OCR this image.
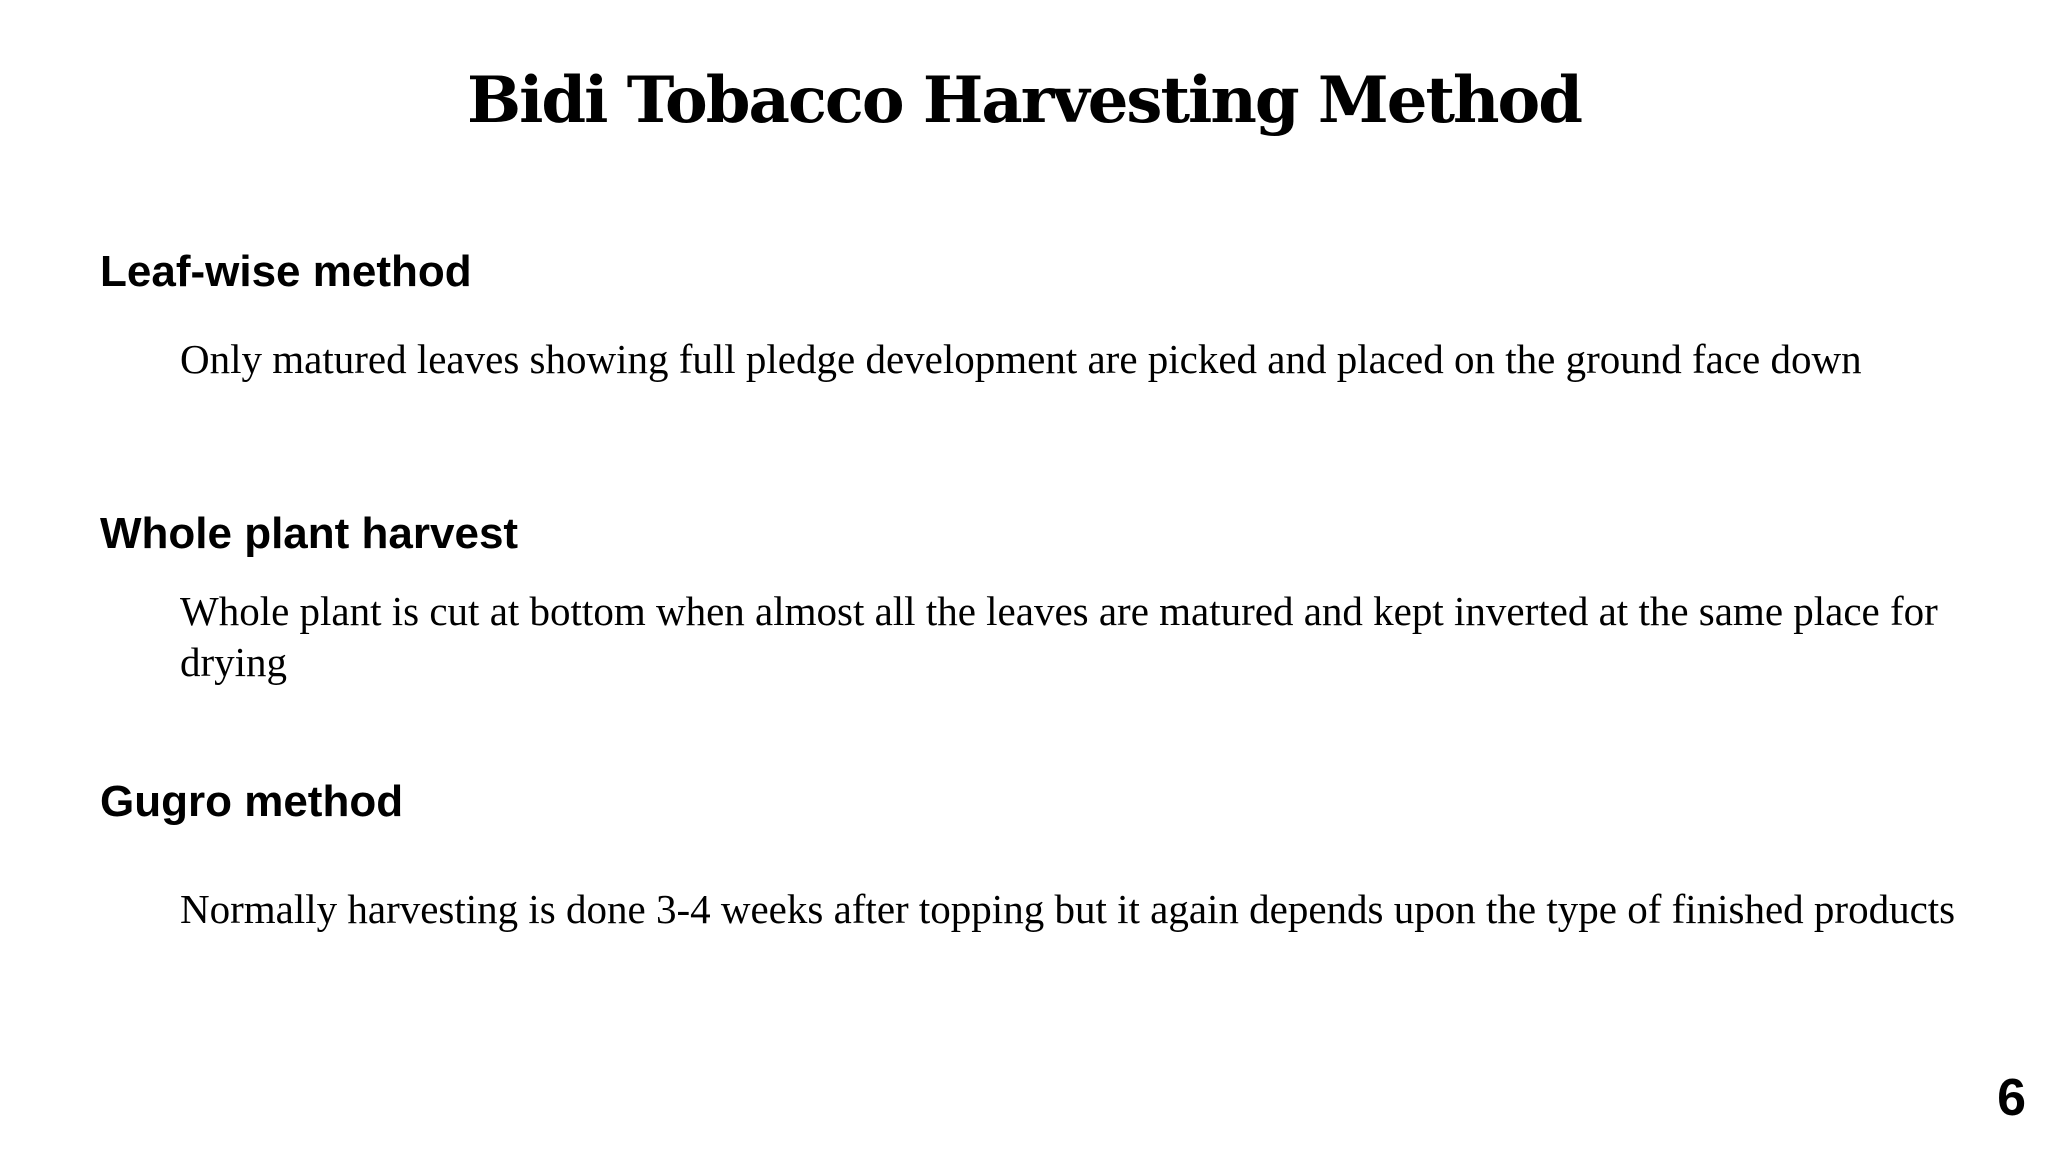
Bidi Tobacco Harvesting Method
Leaf-wise method
Only matured leaves showing full pledge development are picked and placed on the ground face down
Whole plant harvest
Whole plant is cut at bottom when almost all the leaves are matured and kept inverted at the same place for drying
Gugro method
Normally harvesting is done 3-4 weeks after topping but it again depends upon the type of finished products
6
